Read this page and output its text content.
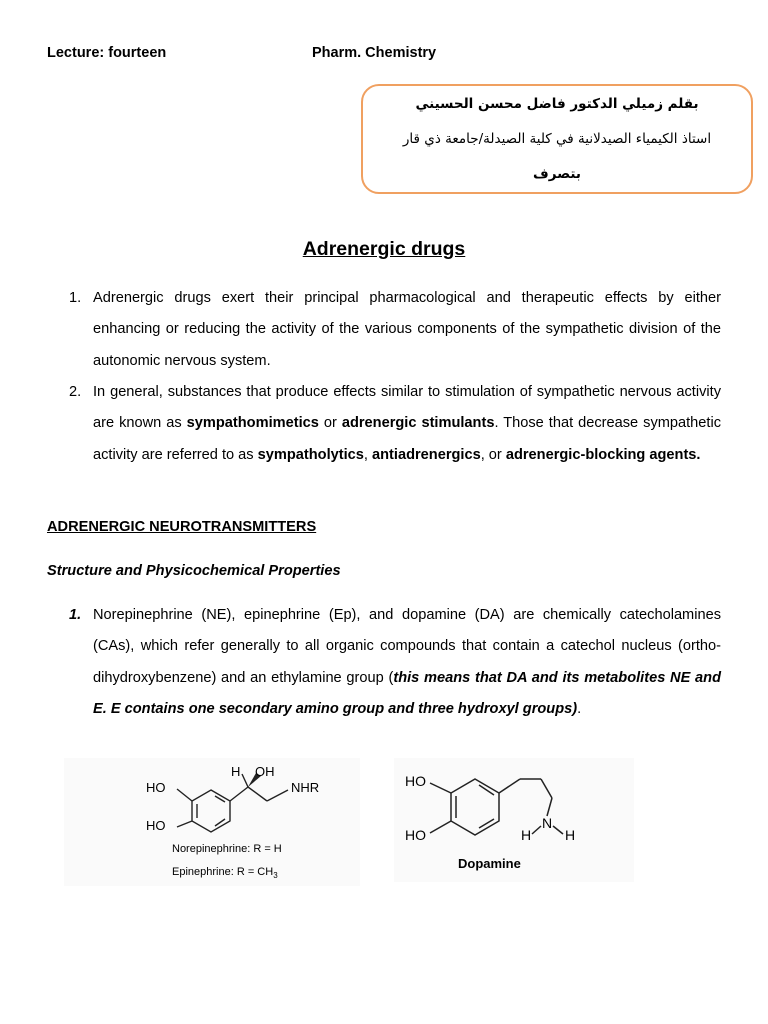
Lecture: fourteen	Pharm. Chemistry
بقلم زميلي الدكتور فاضل محسن الحسيني
استاذ الكيمياء الصيدلانية في كلية الصيدلة/جامعة ذي قار
بتصرف
Adrenergic drugs
1. Adrenergic drugs exert their principal pharmacological and therapeutic effects by either enhancing or reducing the activity of the various components of the sympathetic division of the autonomic nervous system.
2. In general, substances that produce effects similar to stimulation of sympathetic nervous activity are known as sympathomimetics or adrenergic stimulants. Those that decrease sympathetic activity are referred to as sympatholytics, antiadrenergics, or adrenergic-blocking agents.
ADRENERGIC NEUROTRANSMITTERS
Structure and Physicochemical Properties
1. Norepinephrine (NE), epinephrine (Ep), and dopamine (DA) are chemically catecholamines (CAs), which refer generally to all organic compounds that contain a catechol nucleus (ortho-dihydroxybenzene) and an ethylamine group (this means that DA and its metabolites NE and E. E contains one secondary amino group and three hydroxyl groups).
HO
HO
H OH
NHR
Norepinephrine: R = H
Epinephrine: $R = CH_3$
HO
HO
N
H H
Dopamine
